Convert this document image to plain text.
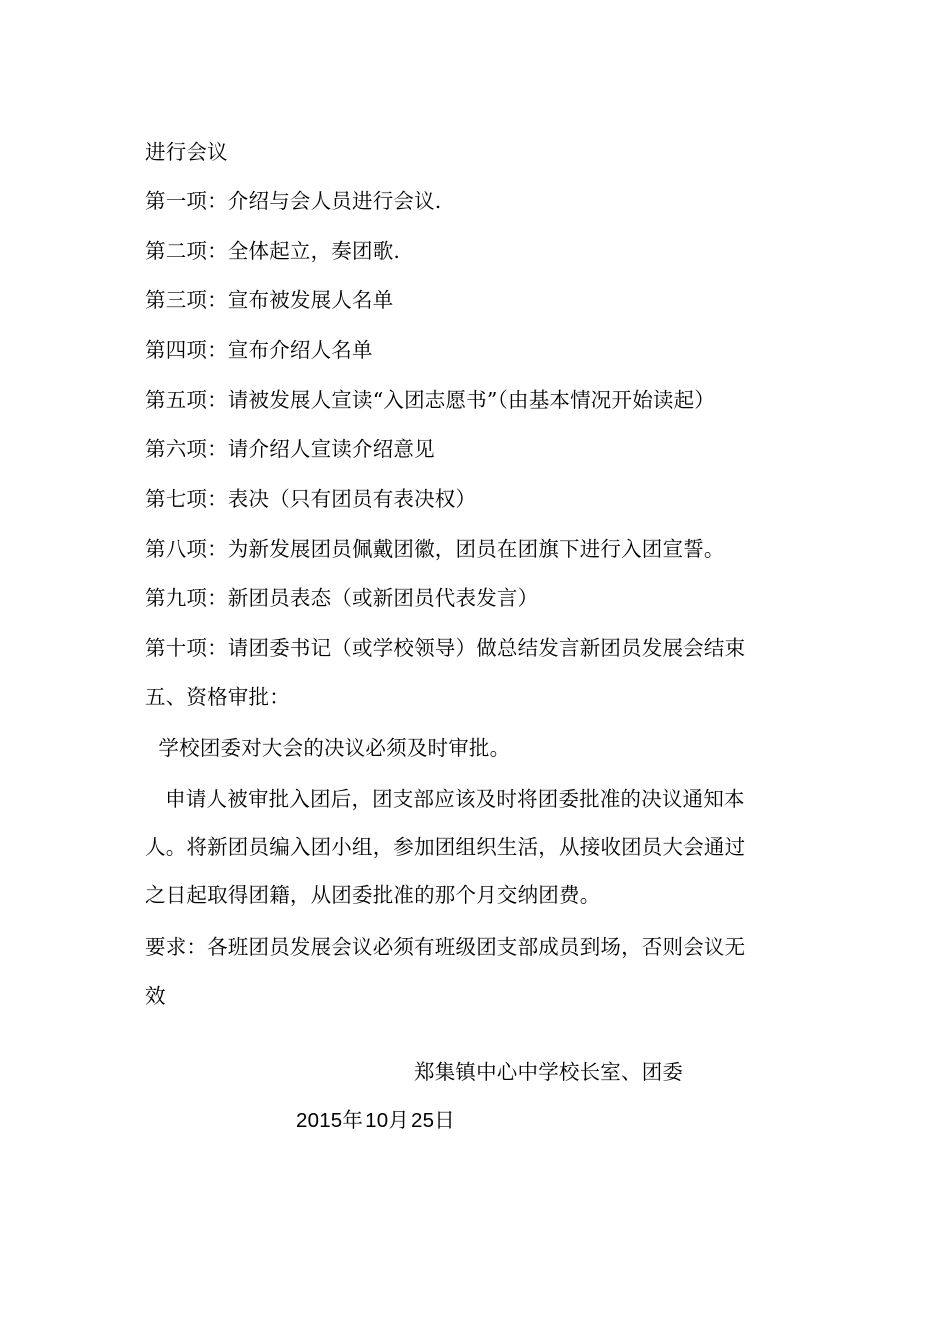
进行会议
第一项：介绍与会人员进行会议.
第二项：全体起立，奏团歌.
第三项：宣布被发展人名单
第四项：宣布介绍人名单
第五项：请被发展人宣读“入团志愿书”（由基本情况开始读起）
第六项：请介绍人宣读介绍意见
第七项：表决（只有团员有表决权）
第八项：为新发展团员佩戴团徽，团员在团旗下进行入团宣誓。
第九项：新团员表态（或新团员代表发言）
第十项：请团委书记（或学校领导）做总结发言新团员发展会结束
五、资格审批：
学校团委对大会的决议必须及时审批。
申请人被审批入团后，团支部应该及时将团委批准的决议通知本
人。将新团员编入团小组，参加团组织生活，从接收团员大会通过
之日起取得团籍，从团委批准的那个月交纳团费。
要求：各班团员发展会议必须有班级团支部成员到场，否则会议无
效
郑集镇中心中学校长室、团委
2015年10月25日
